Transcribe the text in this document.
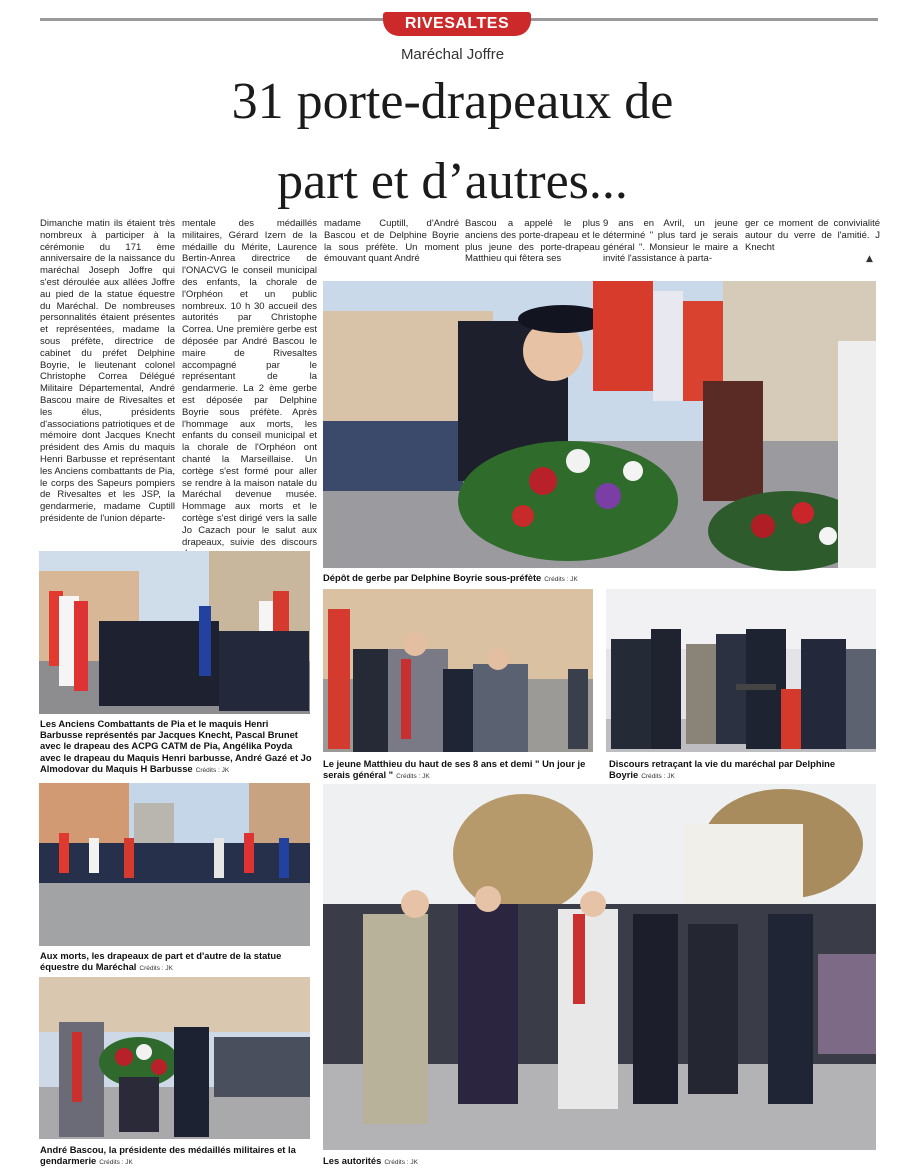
RIVESALTES
Maréchal Joffre
31 porte-drapeaux de
part et d’autres...
Dimanche matin ils étaient très nombreux à participer à la cérémonie du 171 ème anniversaire de la naissance du maréchal Joseph Joffre qui s'est déroulée aux allées Joffre au pied de la statue équestre du Maréchal. De nombreuses personnalités étaient présentes et représentées, madame la sous préfète, directrice de cabinet du préfet Delphine Boyrie, le lieutenant colonel Christophe Correa Délégué Militaire Départemental, André Bascou maire de Rivesaltes et les élus, présidents d'associations patriotiques et de mémoire dont Jacques Knecht président des Amis du maquis Henri Barbusse et représentant les Anciens combattants de Pia, le corps des Sapeurs pompiers de Rivesaltes et les JSP, la gendarmerie, madame Cuptill présidente de l'union départe-
mentale des médaillés militaires, Gérard Izern de la médaille du Mérite, Laurence Bertin-Anrea directrice de l'ONACVG le conseil municipal des enfants, la chorale de l'Orphéon et un public nombreux. 10 h 30 accueil des autorités par Christophe Correa. Une première gerbe est déposée par André Bascou le maire de Rivesaltes accompagné par le représentant de la gendarmerie. La 2 ème gerbe est déposée par Delphine Boyrie sous préfète. Après l'hommage aux morts, les enfants du conseil municipal et la chorale de l'Orphéon ont chanté la Marseillaise. Un cortège s'est formé pour aller se rendre à la maison natale du Maréchal devenue musée. Hommage aux morts et le cortège s'est dirigé vers la salle Jo Cazach pour le salut aux drapeaux, suivie des discours
madame Cuptill, d'André Bascou et de Delphine Boyrie la sous préfète. Un moment émouvant quant André
Bascou a appelé le plus anciens des porte-drapeau et le plus jeune des porte-drapeau Matthieu qui fêtera ses
9 ans en Avril, un jeune déterminé " plus tard je serais général ". Monsieur le maire a invité l'assistance à parta-
ger ce moment de convivialité autour du verre de l'amitié. J Knecht
▲
Dépôt de gerbe par Delphine Boyrie sous-préfète Crédits : JK
Les Anciens Combattants de Pia et le maquis Henri Barbusse représentés par Jacques Knecht, Pascal Brunet avec le drapeau des ACPG CATM de Pia, Angélika Poyda avec le drapeau du Maquis Henri barbusse, André Gazé et Jo Almodovar du Maquis H Barbusse Crédits : JK
Le jeune Matthieu du haut de ses 8 ans et demi " Un jour je serais général " Crédits : JK
Discours retraçant la vie du maréchal par Delphine Boyrie Crédits : JK
Aux morts, les drapeaux de part et d'autre de la statue équestre du Maréchal Crédits : JK
André Bascou, la présidente des médaillés militaires et la gendarmerie Crédits : JK	Les autorités Crédits : JK
